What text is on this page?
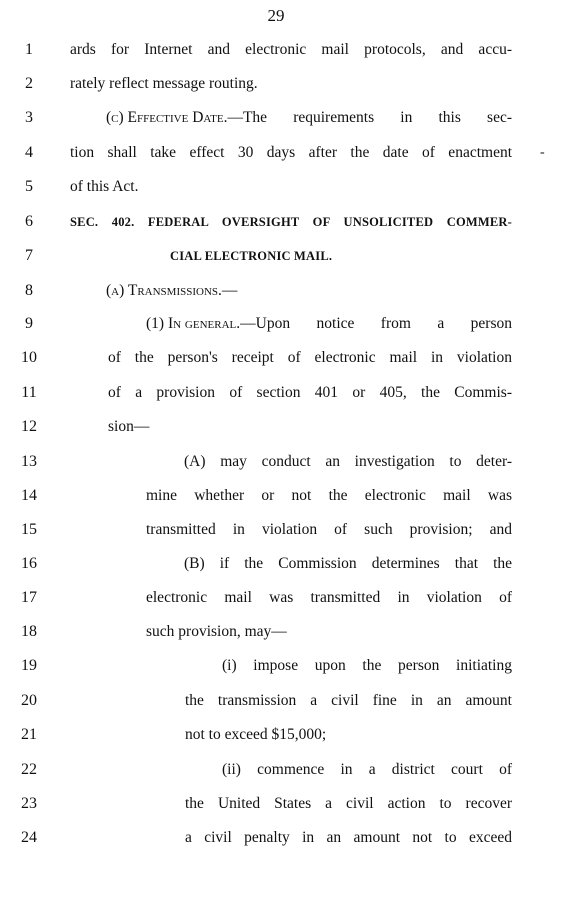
29
1	ards for Internet and electronic mail protocols, and accu-
2	rately reflect message routing.
3	(c) Effective Date. —The requirements in this sec-
4	tion shall take effect 30 days after the date of enactment -
5	of this Act.
6	SEC. 402. FEDERAL OVERSIGHT OF UNSOLICITED COMMER-
7	CIAL ELECTRONIC MAIL.
8	(a) Transmissions.—
9	(1) In general. —Upon notice from a person
10	of the person's receipt of electronic mail in violation
11	of a provision of section 401 or 405, the Commis-
12	sion—
13	(A) may conduct an investigation to deter-
14	mine whether or not the electronic mail was
15	transmitted in violation of such provision; and
16	(B) if the Commission determines that the
17	electronic mail was transmitted in violation of
18	such provision, may—
19	(i) impose upon the person initiating
20	the transmission a civil fine in an amount
21	not to exceed $15,000;
22	(ii) commence in a district court of
23	the United States a civil action to recover
24	a civil penalty in an amount not to exceed
